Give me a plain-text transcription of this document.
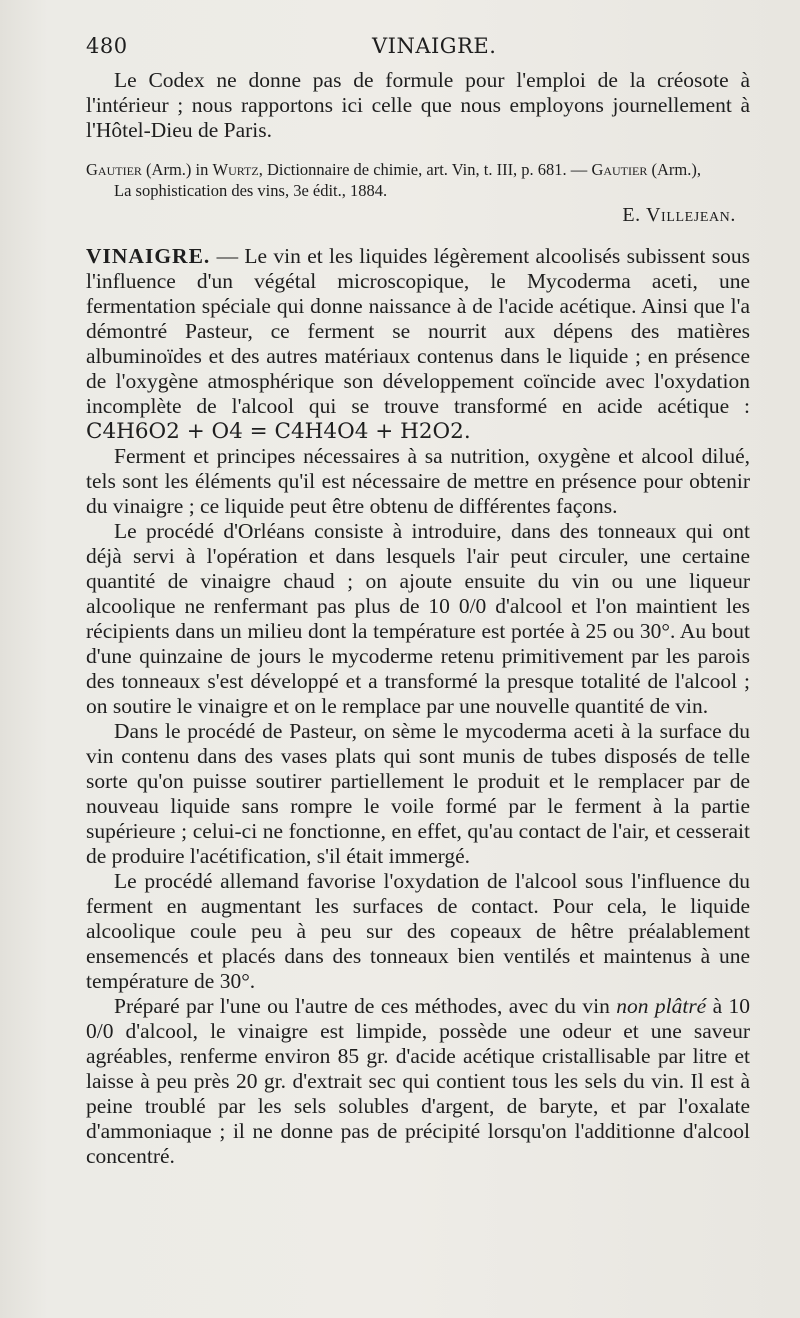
480	VINAIGRE.

Le Codex ne donne pas de formule pour l'emploi de la créosote à l'intérieur ; nous rapportons ici celle que nous employons journellement à l'Hôtel-Dieu de Paris.

Gautier (Arm.) in Wurtz, Dictionnaire de chimie, art. Vin, t. III, p. 681. — Gautier (Arm.),
La sophistication des vins, 3e édit., 1884.
E. Villejean.

VINAIGRE. — Le vin et les liquides légèrement alcoolisés subissent sous l'influence d'un végétal microscopique, le Mycoderma aceti, une fermentation spéciale qui donne naissance à de l'acide acétique. Ainsi que l'a démontré Pasteur, ce ferment se nourrit aux dépens des matières albuminoïdes et des autres matériaux contenus dans le liquide ; en présence de l'oxygène atmosphérique son développement coïncide avec l'oxydation incomplète de l'alcool qui se trouve transformé en acide acétique : C4H6O2 + O4 = C4H4O4 + H2O2.

Ferment et principes nécessaires à sa nutrition, oxygène et alcool dilué, tels sont les éléments qu'il est nécessaire de mettre en présence pour obtenir du vinaigre ; ce liquide peut être obtenu de différentes façons.

Le procédé d'Orléans consiste à introduire, dans des tonneaux qui ont déjà servi à l'opération et dans lesquels l'air peut circuler, une certaine quantité de vinaigre chaud ; on ajoute ensuite du vin ou une liqueur alcoolique ne renfermant pas plus de 10 0/0 d'alcool et l'on maintient les récipients dans un milieu dont la température est portée à 25 ou 30°. Au bout d'une quinzaine de jours le mycoderme retenu primitivement par les parois des tonneaux s'est développé et a transformé la presque totalité de l'alcool ; on soutire le vinaigre et on le remplace par une nouvelle quantité de vin.

Dans le procédé de Pasteur, on sème le mycoderma aceti à la surface du vin contenu dans des vases plats qui sont munis de tubes disposés de telle sorte qu'on puisse soutirer partiellement le produit et le remplacer par de nouveau liquide sans rompre le voile formé par le ferment à la partie supérieure ; celui-ci ne fonctionne, en effet, qu'au contact de l'air, et cesserait de produire l'acétification, s'il était immergé.

Le procédé allemand favorise l'oxydation de l'alcool sous l'influence du ferment en augmentant les surfaces de contact. Pour cela, le liquide alcoolique coule peu à peu sur des copeaux de hêtre préalablement ensemencés et placés dans des tonneaux bien ventilés et maintenus à une température de 30°.

Préparé par l'une ou l'autre de ces méthodes, avec du vin non plâtré à 10 0/0 d'alcool, le vinaigre est limpide, possède une odeur et une saveur agréables, renferme environ 85 gr. d'acide acétique cristallisable par litre et laisse à peu près 20 gr. d'extrait sec qui contient tous les sels du vin. Il est à peine troublé par les sels solubles d'argent, de baryte, et par l'oxalate d'ammoniaque ; il ne donne pas de précipité lorsqu'on l'additionne d'alcool concentré.
